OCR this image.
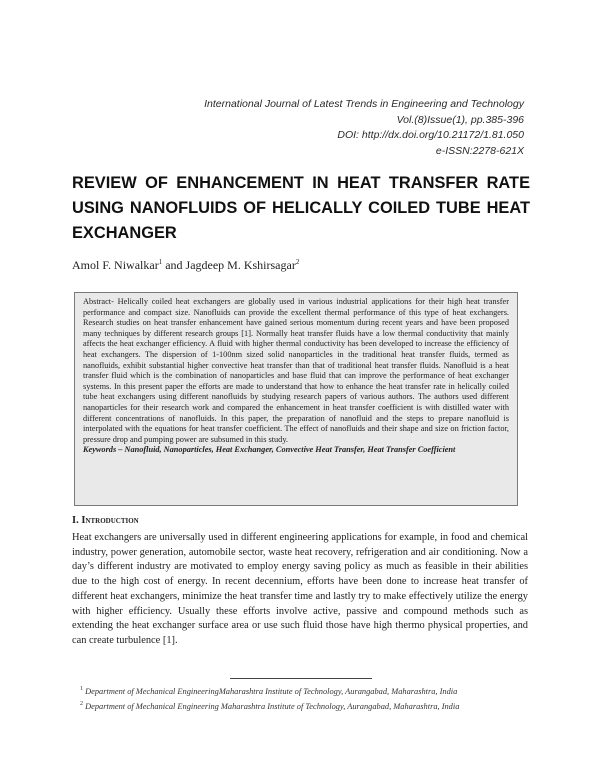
International Journal of Latest Trends in Engineering and Technology
Vol.(8)Issue(1), pp.385-396
DOI: http://dx.doi.org/10.21172/1.81.050
e-ISSN:2278-621X
REVIEW OF ENHANCEMENT IN HEAT TRANSFER RATE USING NANOFLUIDS OF HELICALLY COILED TUBE HEAT EXCHANGER
Amol F. Niwalkar$^1$ and Jagdeep M. Kshirsagar$^2$

Abstract- Helically coiled heat exchangers are globally used in various industrial applications for their high heat transfer performance and compact size. Nanofluids can provide the excellent thermal performance of this type of heat exchangers. Research studies on heat transfer enhancement have gained serious momentum during recent years and have been proposed many techniques by different research groups [1]. Normally heat transfer fluids have a low thermal conductivity that mainly affects the heat exchanger efficiency. A fluid with higher thermal conductivity has been developed to increase the efficiency of heat exchangers. The dispersion of 1-100nm sized solid nanoparticles in the traditional heat transfer fluids, termed as nanofluids, exhibit substantial higher convective heat transfer than that of traditional heat transfer fluids. Nanofluid is a heat transfer fluid which is the combination of nanoparticles and base fluid that can improve the performance of heat exchanger systems. In this present paper the efforts are made to understand that how to enhance the heat transfer rate in helically coiled tube heat exchangers using different nanofluids by studying research papers of various authors. The authors used different nanoparticles for their research work and compared the enhancement in heat transfer coefficient is with distilled water with different concentrations of nanofluids. In this paper, the preparation of nanofluid and the steps to prepare nanofluid is interpolated with the equations for heat transfer coefficient. The effect of nanofluids and their shape and size on friction factor, pressure drop and pumping power are subsumed in this study.

Keywords – Nanofluid, Nanoparticles, Heat Exchanger, Convective Heat Transfer, Heat Transfer Coefficient

I. Introduction

Heat exchangers are universally used in different engineering applications for example, in food and chemical industry, power generation, automobile sector, waste heat recovery, refrigeration and air conditioning. Now a day’s different industry are motivated to employ energy saving policy as much as feasible in their abilities due to the high cost of energy. In recent decennium, efforts have been done to increase heat transfer of different heat exchangers, minimize the heat transfer time and lastly try to make effectively utilize the energy with higher efficiency. Usually these efforts involve active, passive and compound methods such as extending the heat exchanger surface area or use such fluid those have high thermo physical properties, and can create turbulence [1].

$^1$ Department of Mechanical EngineeringMaharashtra Institute of Technology, Aurangabad, Maharashtra, India
$^2$ Department of Mechanical Engineering Maharashtra Institute of Technology, Aurangabad, Maharashtra, India
